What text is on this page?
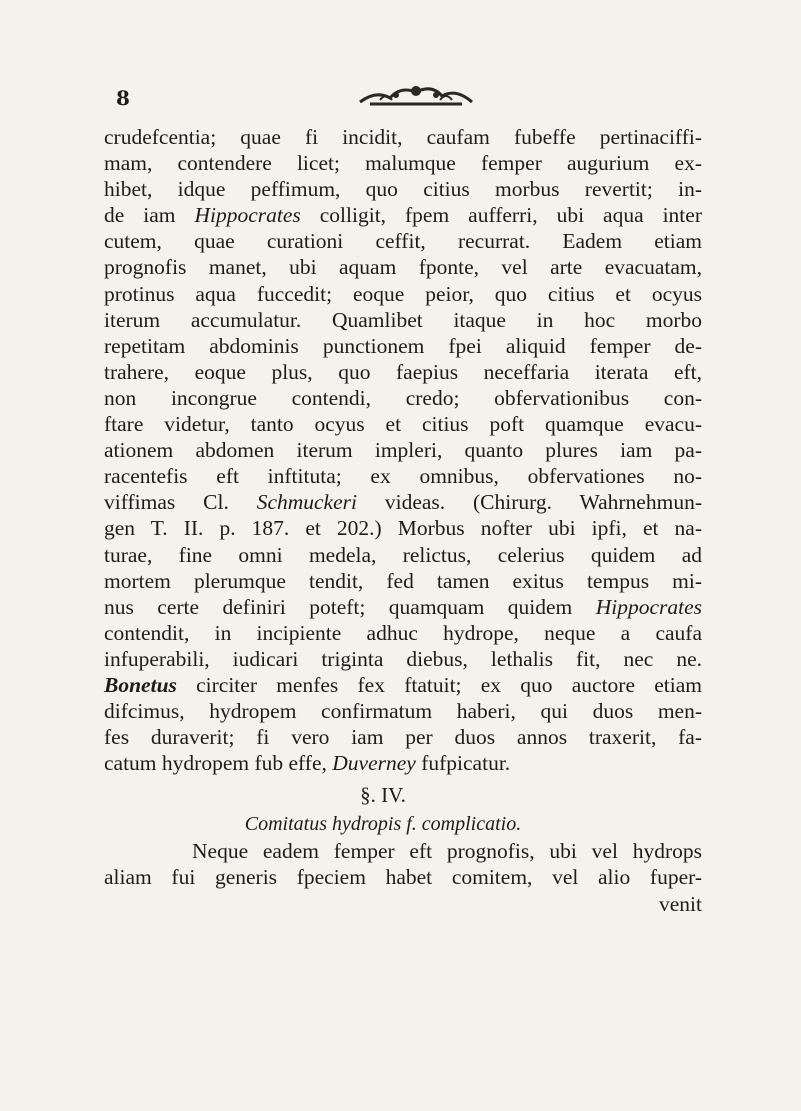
8
crudefcentia; quae fi incidit, caufam fubeffe pertinaciffi-
mam, contendere licet; malumque femper augurium ex-
hibet, idque peffimum, quo citius morbus revertit; in-
de iam Hippocrates colligit, fpem aufferri, ubi aqua inter
cutem, quae curationi ceffit, recurrat. Eadem etiam
prognofis manet, ubi aquam fponte, vel arte evacuatam,
protinus aqua fuccedit; eoque peior, quo citius et ocyus
iterum accumulatur. Quamlibet itaque in hoc morbo
repetitam abdominis punctionem fpei aliquid femper de-
trahere, eoque plus, quo faepius neceffaria iterata eft,
non incongrue contendi, credo; obfervationibus con-
ftare videtur, tanto ocyus et citius poft quamque evacu-
ationem abdomen iterum impleri, quanto plures iam pa-
racentefis eft inftituta; ex omnibus, obfervationes no-
viffimas Cl. Schmuckeri videas. (Chirurg. Wahrnehmun-
gen T. II. p. 187. et 202.) Morbus nofter ubi ipfi, et na-
turae, fine omni medela, relictus, celerius quidem ad
mortem plerumque tendit, fed tamen exitus tempus mi-
nus certe definiri poteft; quamquam quidem Hippocrates
contendit, in incipiente adhuc hydrope, neque a caufa
infuperabili, iudicari triginta diebus, lethalis fit, nec ne.
Bonetus circiter menfes fex ftatuit; ex quo auctore etiam
difcimus, hydropem confirmatum haberi, qui duos men-
fes duraverit; fi vero iam per duos annos traxerit, fa-
catum hydropem fub effe, Duverney fufpicatur.
§. IV.
Comitatus hydropis f. complicatio.
Neque eadem femper eft prognofis, ubi vel hydrops
aliam fui generis fpeciem habet comitem, vel alio fuper-
venit
